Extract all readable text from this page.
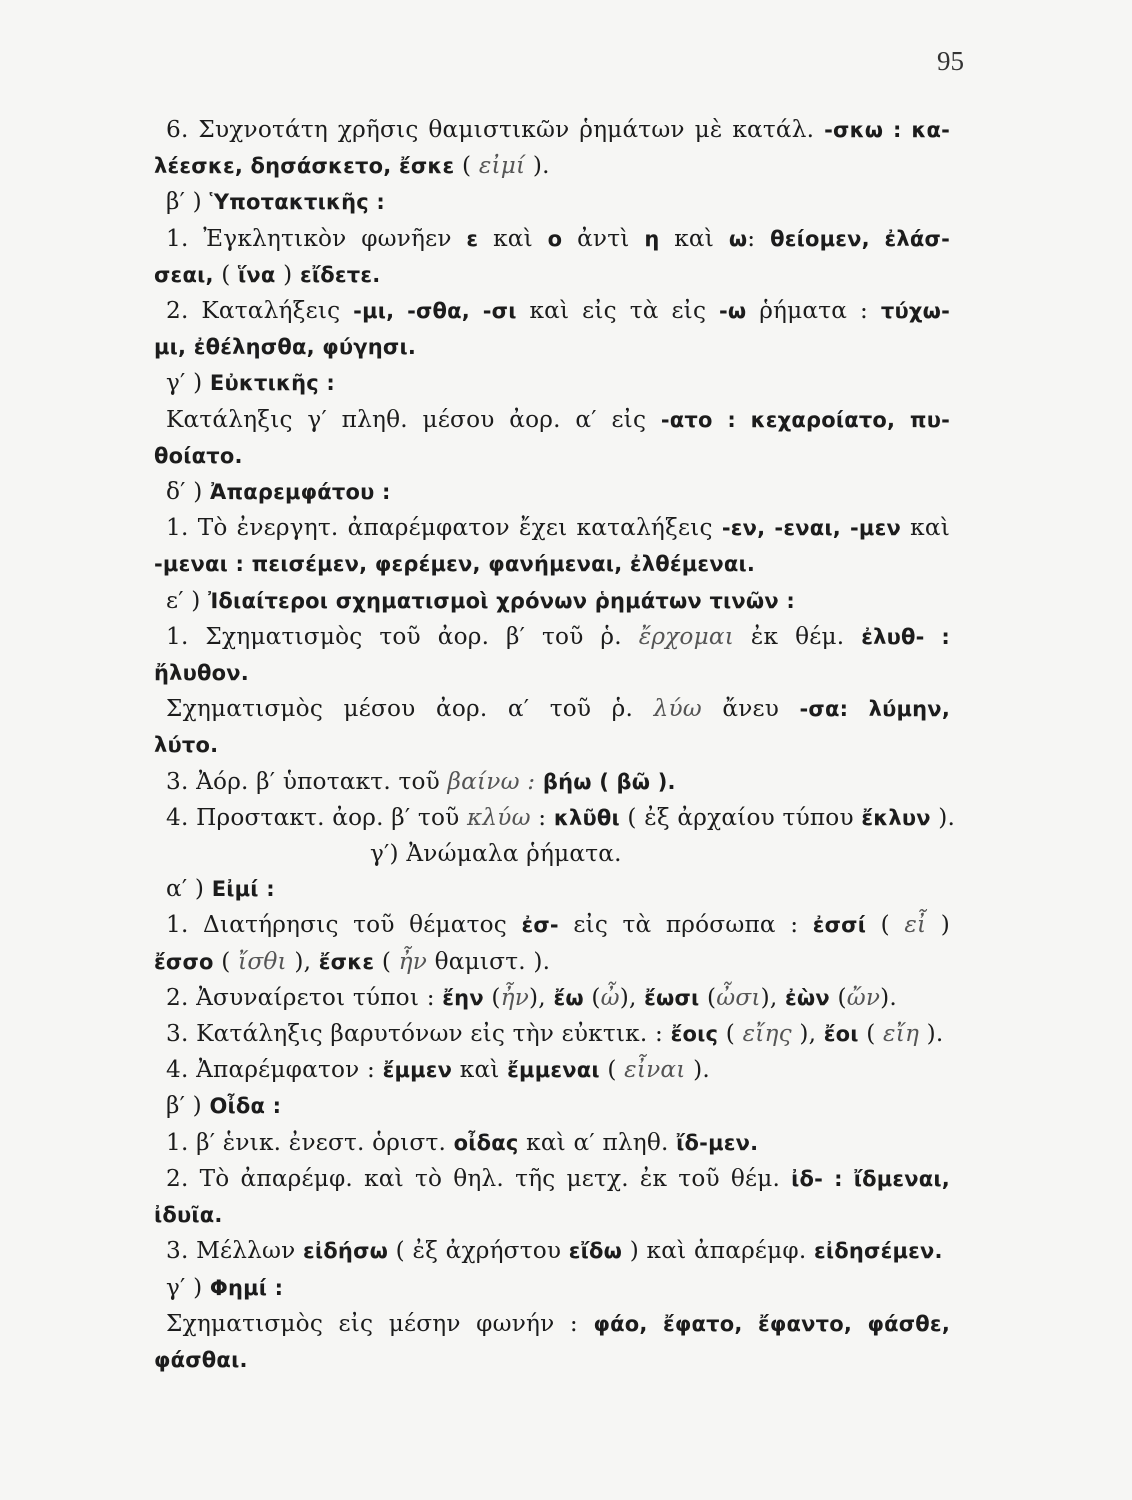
95
6. Συχνοτάτη χρῆσις θαμιστικῶν ῥημάτων μὲ κατάλ. -σκω : κα-
λέεσκε, δησάσκετο, ἔσκε ( εἰμί ).
β′ ) Ὑποτακτικῆς :
1. Ἐγκλητικὸν φωνῆεν ε καὶ ο ἀντὶ η καὶ ω: θείομεν, ἐλάσ-
σεαι, ( ἵνα ) εἴδετε.
2. Καταλήξεις -μι, -σθα, -σι καὶ εἰς τὰ εἰς -ω ῥήματα : τύχω-
μι, ἐθέλησθα, φύγησι.
γ′ ) Εὐκτικῆς :
Κατάληξις γ′ πληθ. μέσου ἀορ. α′ εἰς -ατο : κεχαροίατο, πυ-
θοίατο.
δ′ ) Ἀπαρεμφάτου :
1. Τὸ ἐνεργητ. ἀπαρέμφατον ἔχει καταλήξεις -εν, -εναι, -μεν καὶ
-μεναι : πεισέμεν, φερέμεν, φανήμεναι, ἐλθέμεναι.
ε′ ) Ἰδιαίτεροι σχηματισμοὶ χρόνων ῥημάτων τινῶν :
1. Σχηματισμὸς τοῦ ἀορ. β′ τοῦ ῥ. ἔρχομαι ἐκ θέμ. ἐλυθ- :
ἤλυθον.
Σχηματισμὸς μέσου ἀορ. α′ τοῦ ῥ. λύω ἄνευ -σα: λύμην,
λύτο.
3. Ἀόρ. β′ ὑποτακτ. τοῦ βαίνω : βήω ( βῶ ).
4. Προστακτ. ἀορ. β′ τοῦ κλύω : κλῦθι ( ἐξ ἀρχαίου τύπου ἔκλυν ).
γ′) Ἀνώμαλα ῥήματα.
α′ ) Εἰμί :
1. Διατήρησις τοῦ θέματος ἐσ- εἰς τὰ πρόσωπα : ἐσσί ( εἶ )
ἔσσο ( ἴσθι ), ἔσκε ( ἦν θαμιστ. ).
2. Ἀσυναίρετοι τύποι : ἔην (ἦν), ἔω (ὦ), ἔωσι (ὦσι), ἐὼν (ὤν).
3. Κατάληξις βαρυτόνων εἰς τὴν εὐκτικ. : ἔοις ( εἴης ), ἔοι ( εἴη ).
4. Ἀπαρέμφατον : ἔμμεν καὶ ἔμμεναι ( εἶναι ).
β′ ) Οἶδα :
1. β′ ἑνικ. ἐνεστ. ὁριστ. οἶδας καὶ α′ πληθ. ἴδ-μεν.
2. Τὸ ἀπαρέμφ. καὶ τὸ θηλ. τῆς μετχ. ἐκ τοῦ θέμ. ἰδ- : ἴδμεναι,
ἰδυῖα.
3. Μέλλων εἰδήσω ( ἐξ ἀχρήστου εἴδω ) καὶ ἀπαρέμφ. εἰδησέμεν.
γ′ ) Φημί :
Σχηματισμὸς εἰς μέσην φωνήν : φάο, ἔφατο, ἔφαντο, φάσθε,
φάσθαι.
